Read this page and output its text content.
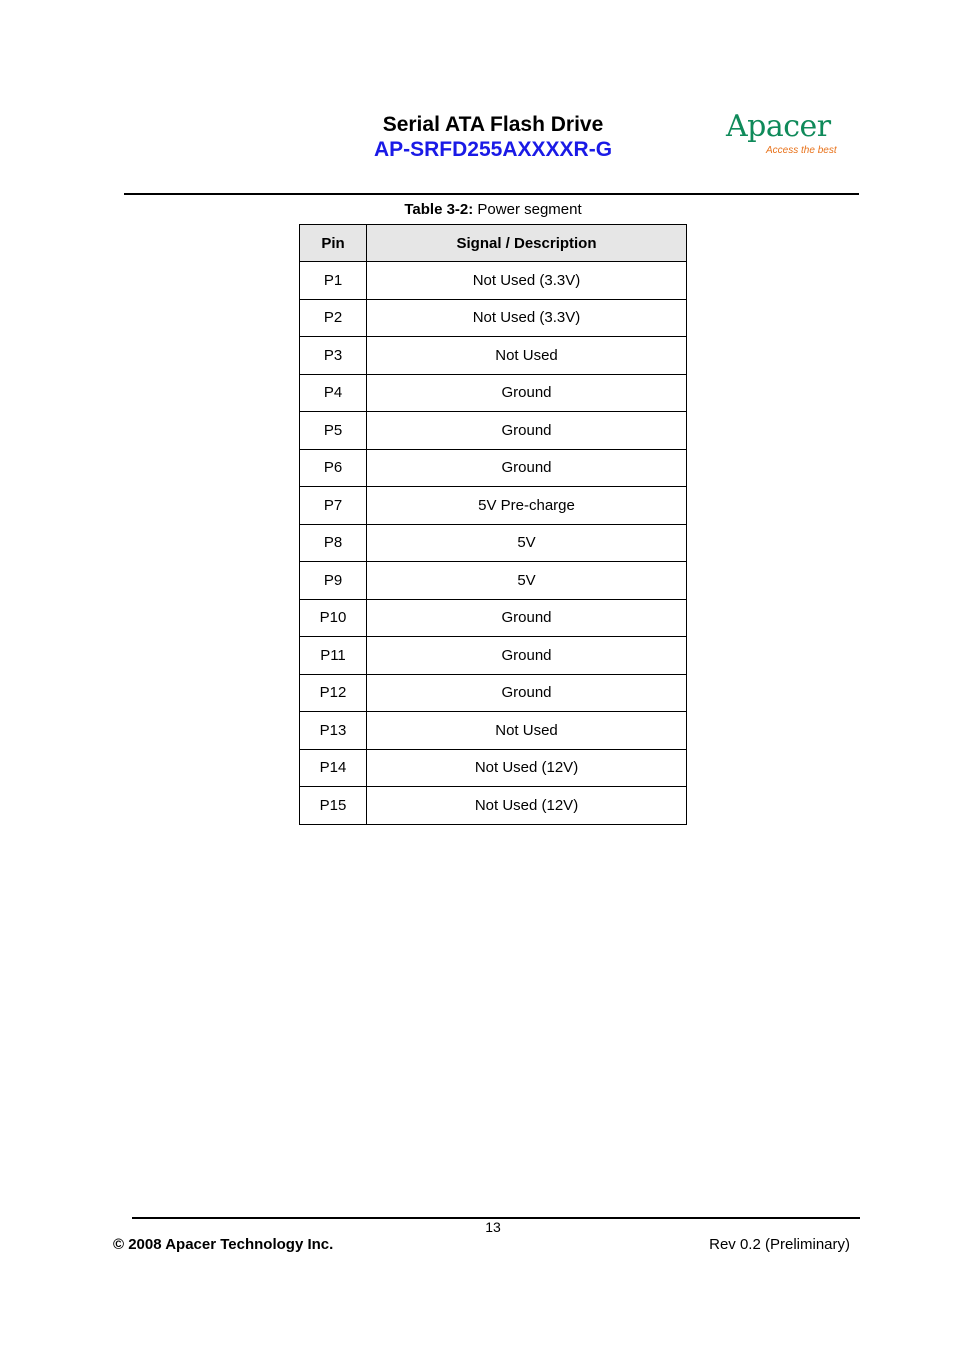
Serial ATA Flash Drive
AP-SRFD255AXXXXR-G
Apacer
Access the best
Table 3-2: Power segment
Pin	Signal / Description
P1	Not Used (3.3V)
P2	Not Used (3.3V)
P3	Not Used
P4	Ground
P5	Ground
P6	Ground
P7	5V Pre-charge
P8	5V
P9	5V
P10	Ground
P11	Ground
P12	Ground
P13	Not Used
P14	Not Used (12V)
P15	Not Used (12V)
13
© 2008 Apacer Technology Inc.	Rev 0.2 (Preliminary)
